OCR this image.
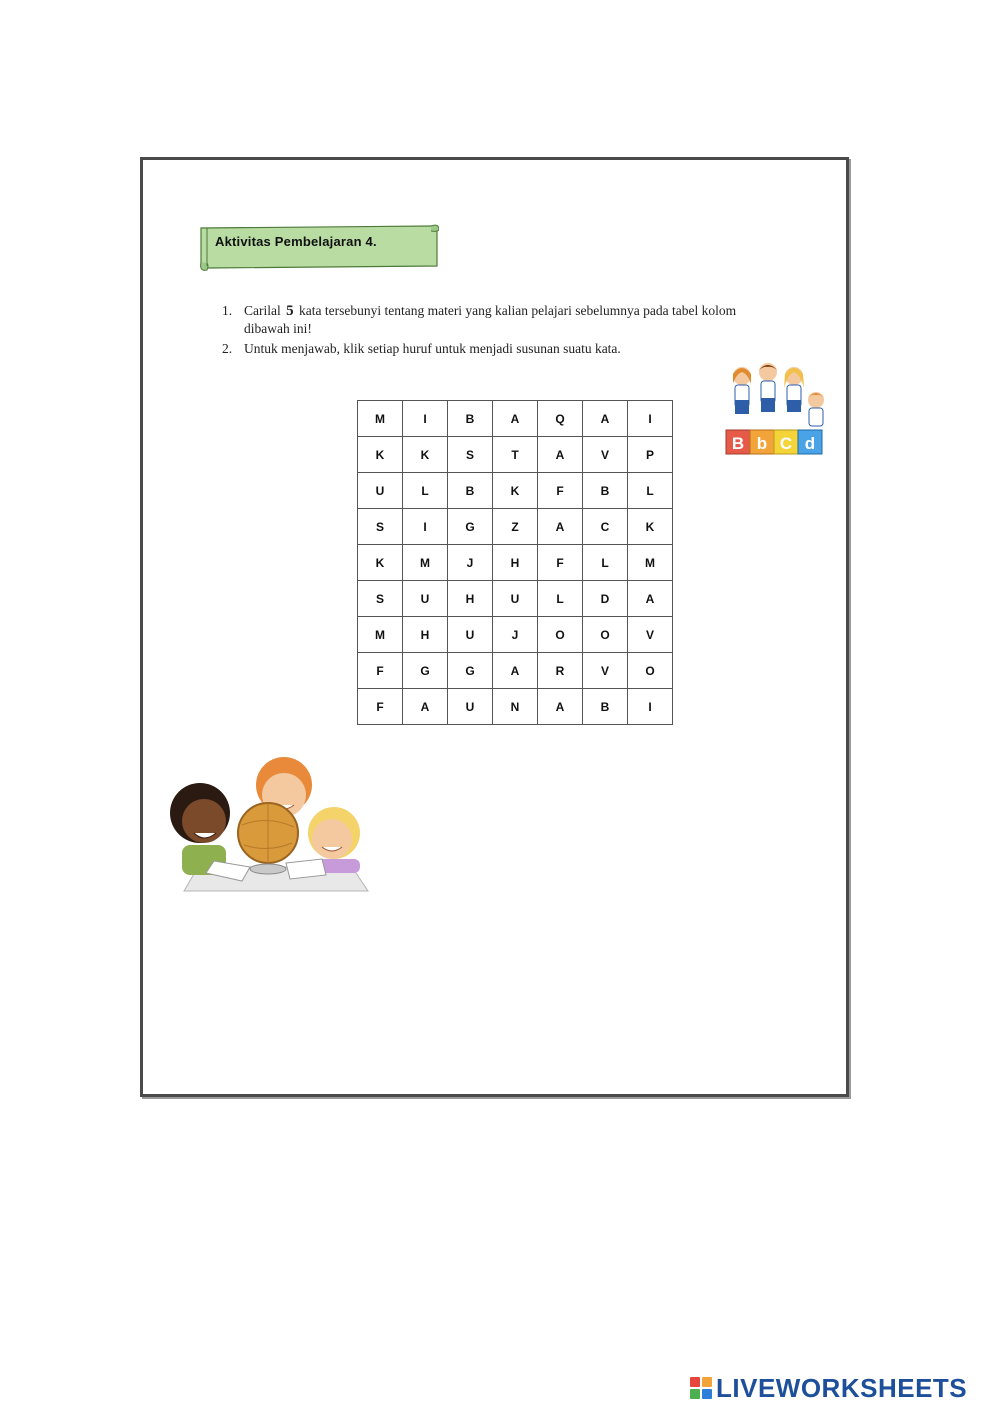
Aktivitas Pembelajaran 4.
1. Carilal 5 kata tersebunyi tentang materi yang kalian pelajari sebelumnya pada tabel kolom dibawah ini!
2. Untuk menjawab, klik setiap huruf untuk menjadi susunan suatu kata.
M	I	B	A	Q	A	I
K	K	S	T	A	V	P
U	L	B	K	F	B	L
S	I	G	Z	A	C	K
K	M	J	H	F	L	M
S	U	H	U	L	D	A
M	H	U	J	O	O	V
F	G	G	A	R	V	O
F	A	U	N	A	B	I
B b C d
LIVEWORKSHEETS
